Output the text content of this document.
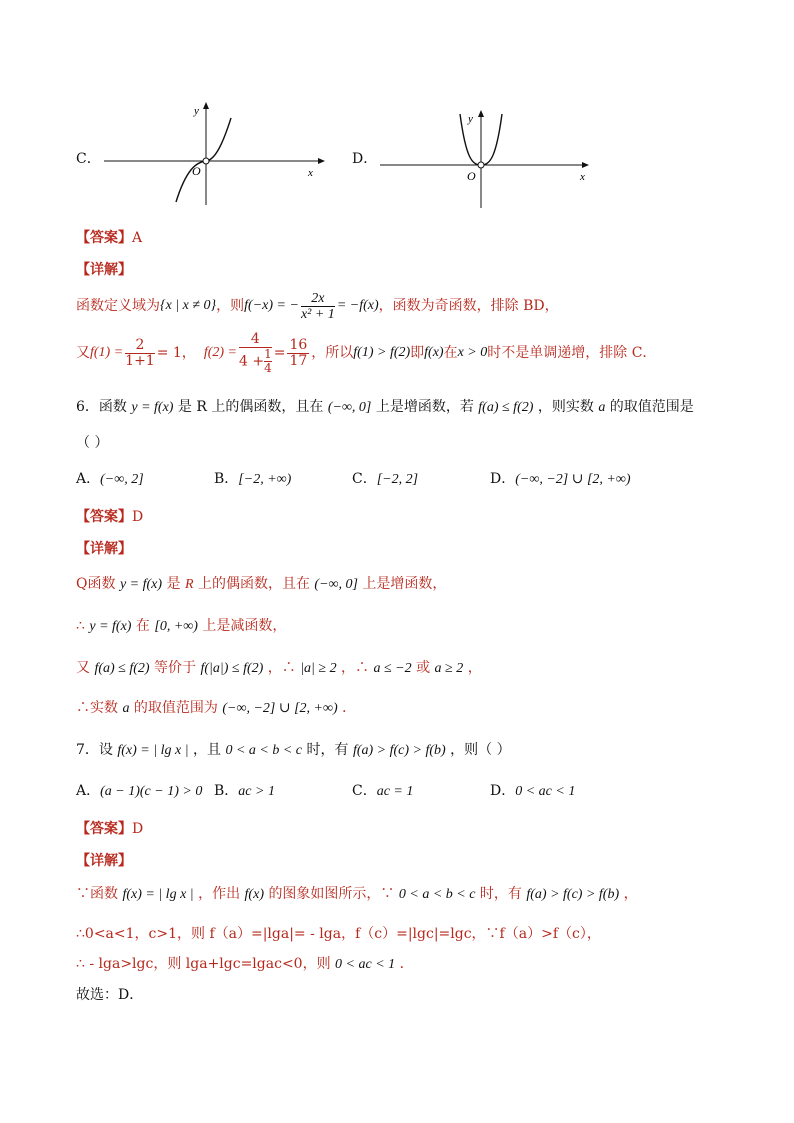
C．
y
O	x
D．
y
O	x
【答案】A
【详解】
函数定义域为 {x | x ≠ 0} ，则 f(−x) = − $\frac{2x}{\text{x² + 1}} = -f(x)$ ，函数为奇函数，排除 BD，
又 $f(1) = \frac{2}{1+1} = 1$， $f(2) = \frac{4}{4 + \frac{1}{4}} = \frac{16}{17}$ ，所以 f(1) > f(2) 即 f(x) 在 x > 0 时不是单调递增，排除 C．
6．函数 y = f(x) 是 R 上的偶函数，且在 (−∞, 0] 上是增函数，若 f(a) ≤ f(2) ，则实数 a 的取值范围是
（ ）
A．(−∞, 2]	B．[−2, +∞)	C．[−2, 2]	D．(−∞, −2] ∪ [2, +∞)
【答案】D
【详解】
Q函数 y = f(x) 是 R 上的偶函数，且在 (−∞, 0] 上是增函数，
∴ y = f(x) 在 [0, +∞) 上是减函数，
又 f(a) ≤ f(2) 等价于 f(|a|) ≤ f(2) ，∴ |a| ≥ 2 ，∴ a ≤ −2 或 a ≥ 2 ，
∴实数 a 的取值范围为 (−∞, −2] ∪ [2, +∞) ．
7．设 f(x) = | lg x | ，且 0 < a < b < c 时，有 f(a) > f(c) > f(b) ，则（ ）
A．(a − 1)(c − 1) > 0 B．ac > 1	C．ac = 1	D．0 < ac < 1
【答案】D
【详解】
∵函数 f(x) = | lg x | ，作出 f(x) 的图象如图所示，∵ 0 < a < b < c 时，有 f(a) > f(c) > f(b) ，
∴0<a<1，c>1，则 f（a）=|lga|= - lga，f（c）=|lgc|=lgc，∵f（a）>f（c），
∴ - lga>lgc，则 lga+lgc=lgac<0，则 0 < ac < 1 ．
故选：D．
